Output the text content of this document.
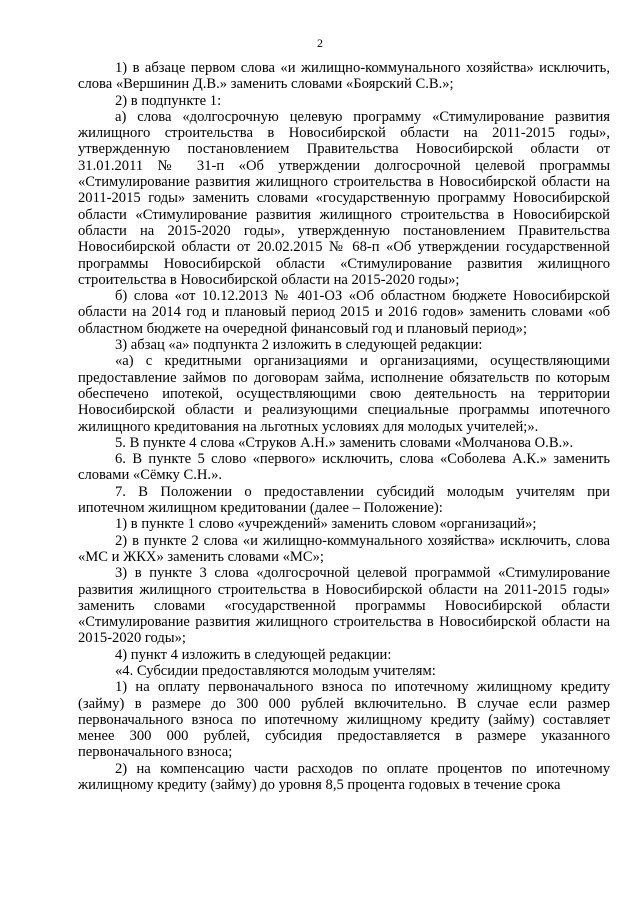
2

1) в абзаце первом слова «и жилищно-коммунального хозяйства» исключить, слова «Вершинин Д.В.» заменить словами «Боярский С.В.»;

2) в подпункте 1:

а) слова «долгосрочную целевую программу «Стимулирование развития жилищного строительства в Новосибирской области на 2011-2015 годы», утвержденную постановлением Правительства Новосибирской области от 31.01.2011 № 31-п «Об утверждении долгосрочной целевой программы «Стимулирование развития жилищного строительства в Новосибирской области на 2011-2015 годы» заменить словами «государственную программу Новосибирской области «Стимулирование развития жилищного строительства в Новосибирской области на 2015-2020 годы», утвержденную постановлением Правительства Новосибирской области от 20.02.2015 № 68-п «Об утверждении государственной программы Новосибирской области «Стимулирование развития жилищного строительства в Новосибирской области на 2015-2020 годы»;

б) слова «от 10.12.2013 № 401-ОЗ «Об областном бюджете Новосибирской области на 2014 год и плановый период 2015 и 2016 годов» заменить словами «об областном бюджете на очередной финансовый год и плановый период»;

3) абзац «а» подпункта 2 изложить в следующей редакции:

«а) с кредитными организациями и организациями, осуществляющими предоставление займов по договорам займа, исполнение обязательств по которым обеспечено ипотекой, осуществляющими свою деятельность на территории Новосибирской области и реализующими специальные программы ипотечного жилищного кредитования на льготных условиях для молодых учителей;».

5. В пункте 4 слова «Струков А.Н.» заменить словами «Молчанова О.В.».

6. В пункте 5 слово «первого» исключить, слова «Соболева А.К.» заменить словами «Сёмку С.Н.».

7. В Положении о предоставлении субсидий молодым учителям при ипотечном жилищном кредитовании (далее – Положение):

1) в пункте 1 слово «учреждений» заменить словом «организаций»;

2) в пункте 2 слова «и жилищно-коммунального хозяйства» исключить, слова «МС и ЖКХ» заменить словами «МС»;

3) в пункте 3 слова «долгосрочной целевой программой «Стимулирование развития жилищного строительства в Новосибирской области на 2011-2015 годы» заменить словами «государственной программы Новосибирской области «Стимулирование развития жилищного строительства в Новосибирской области на 2015-2020 годы»;

4) пункт 4 изложить в следующей редакции:

«4. Субсидии предоставляются молодым учителям:

1) на оплату первоначального взноса по ипотечному жилищному кредиту (займу) в размере до 300 000 рублей включительно. В случае если размер первоначального взноса по ипотечному жилищному кредиту (займу) составляет менее 300 000 рублей, субсидия предоставляется в размере указанного первоначального взноса;

2) на компенсацию части расходов по оплате процентов по ипотечному жилищному кредиту (займу) до уровня 8,5 процента годовых в течение срока
